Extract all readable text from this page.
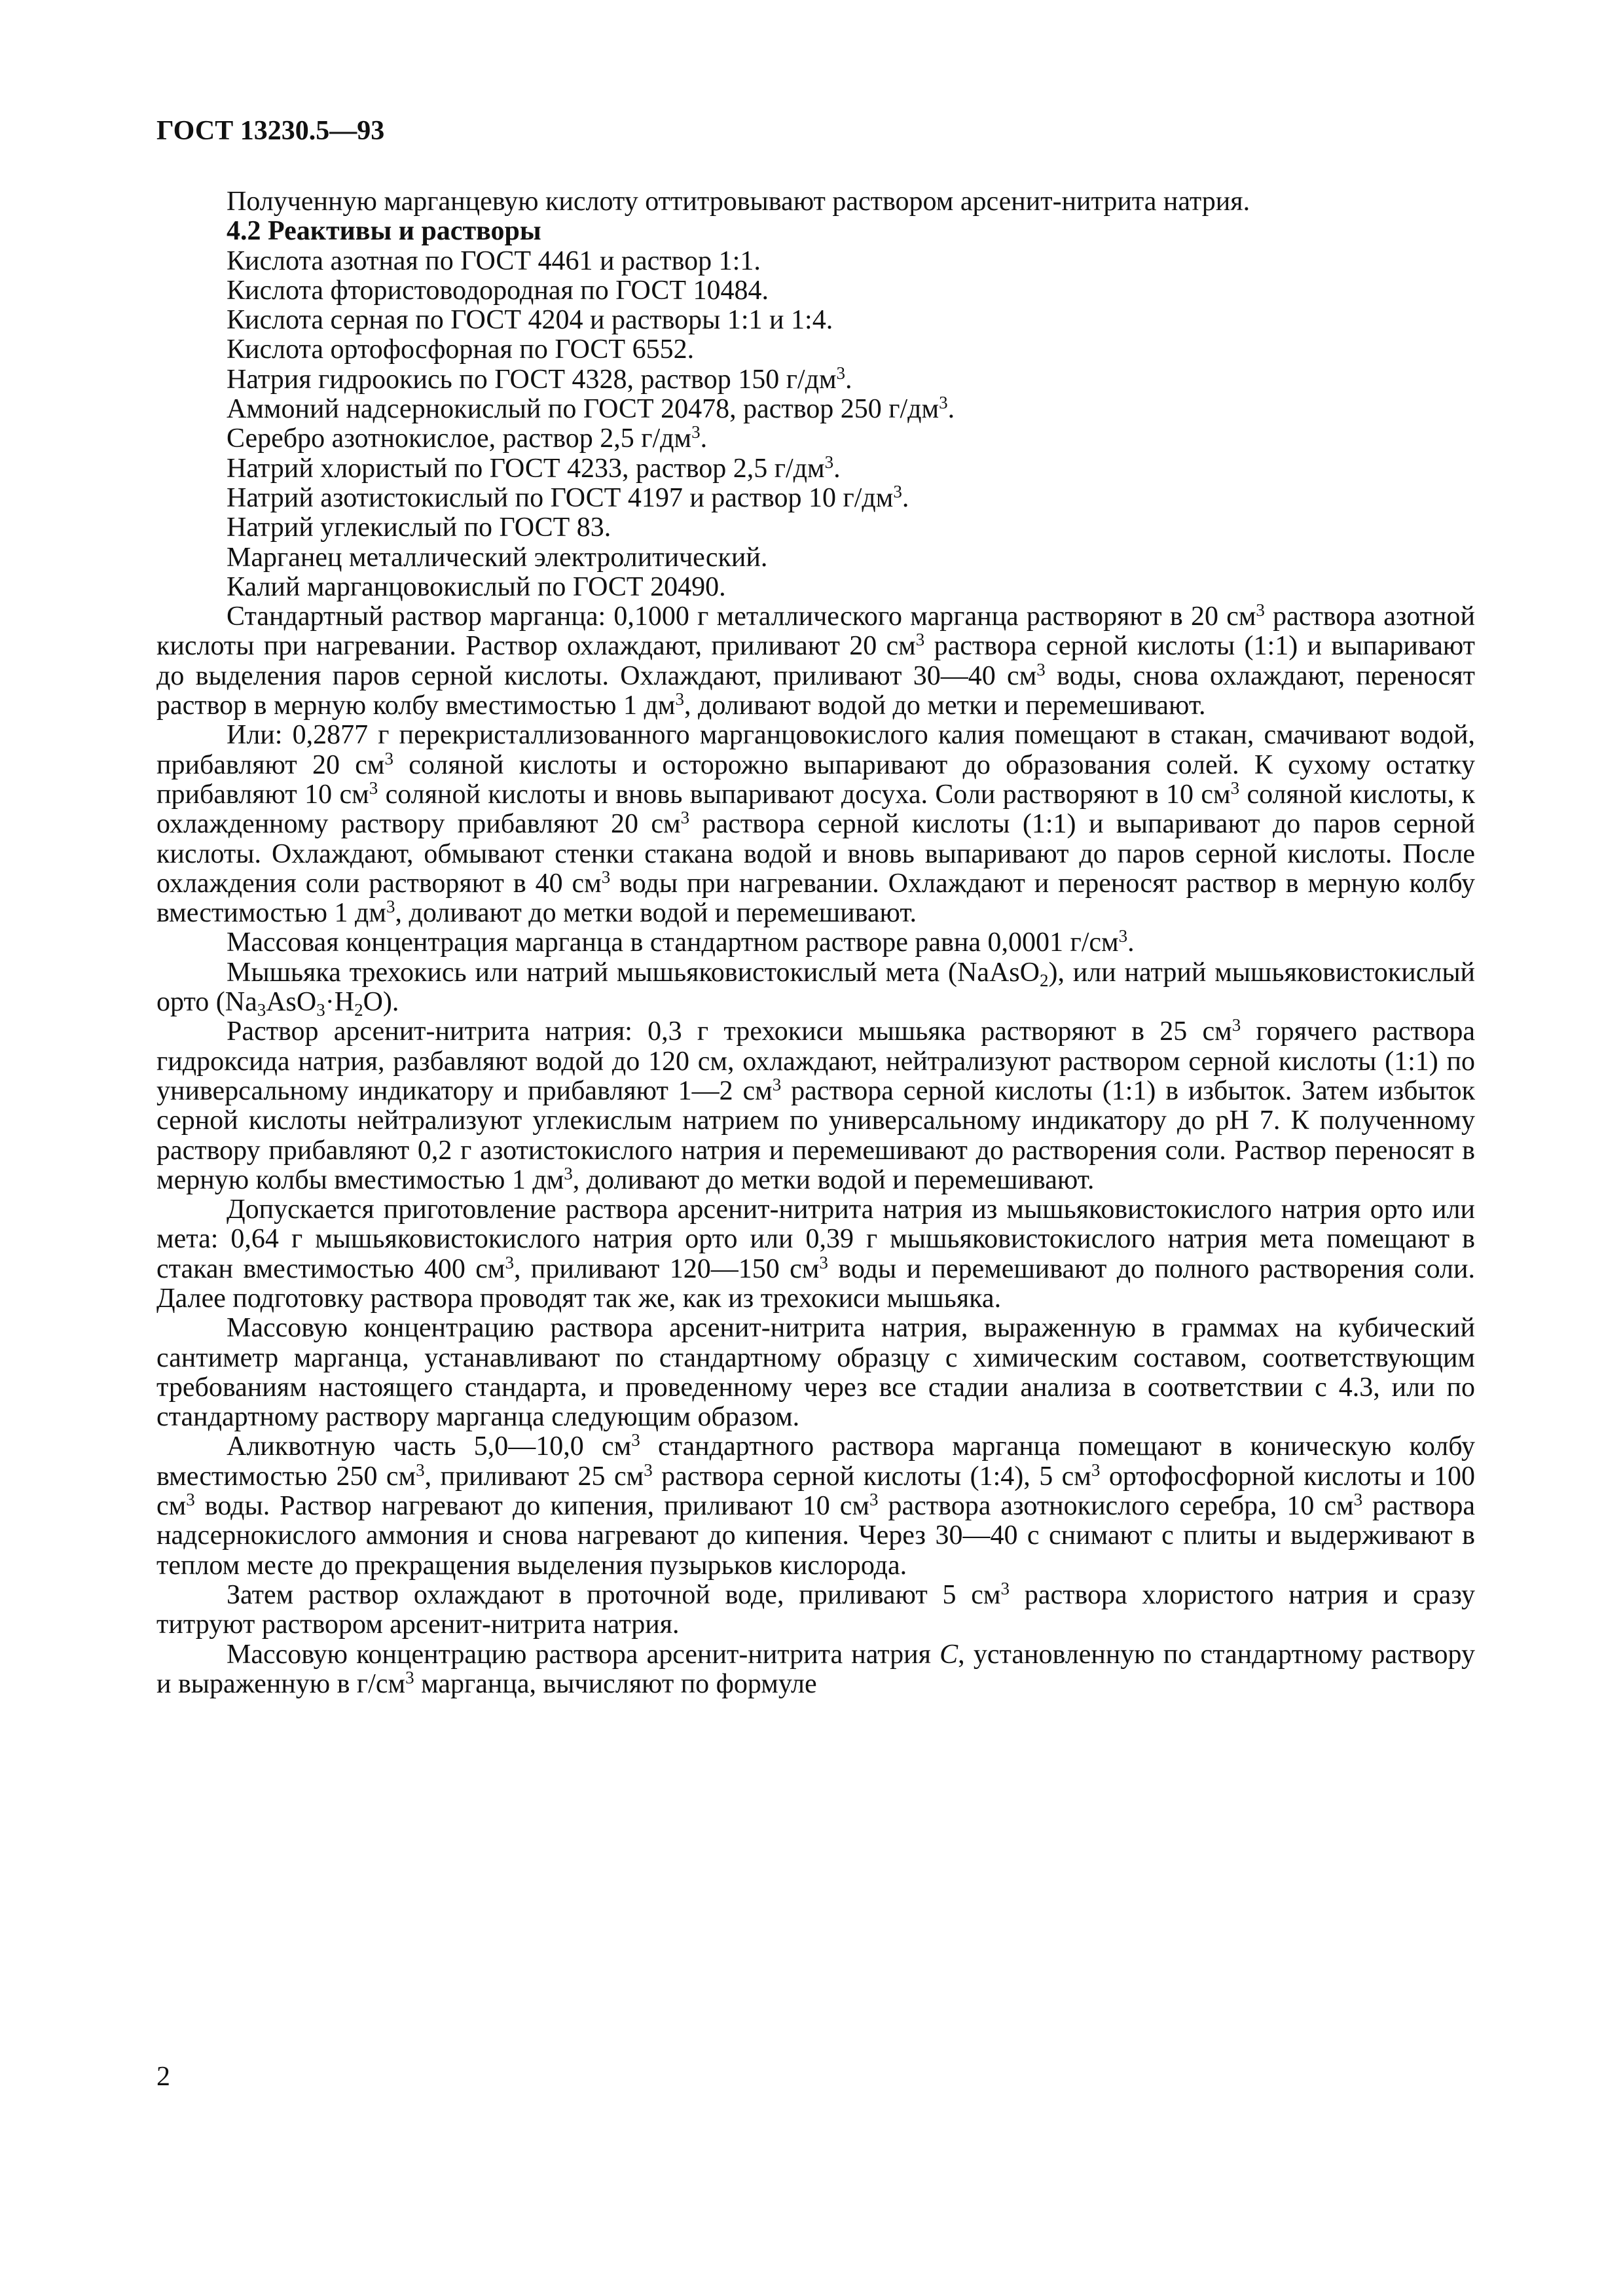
ГОСТ 13230.5—93

Полученную марганцевую кислоту оттитровывают раствором арсенит-нитрита натрия.

4.2 Реактивы и растворы

Кислота азотная по ГОСТ 4461 и раствор 1:1.

Кислота фтористоводородная по ГОСТ 10484.

Кислота серная по ГОСТ 4204 и растворы 1:1 и 1:4.

Кислота ортофосфорная по ГОСТ 6552.

Натрия гидроокись по ГОСТ 4328, раствор 150 $г/дм^3$.

Аммоний надсернокислый по ГОСТ 20478, раствор 250 $г/дм^3$.

Серебро азотнокислое, раствор 2,5 $г/дм^3$.

Натрий хлористый по ГОСТ 4233, раствор 2,5 $г/дм^3$.

Натрий азотистокислый по ГОСТ 4197 и раствор 10 $г/дм^3$.

Натрий углекислый по ГОСТ 83.

Марганец металлический электролитический.

Калий марганцовокислый по ГОСТ 20490.

Стандартный раствор марганца: 0,1000 г металлического марганца растворяют в 20 $см^3$ раствора азотной кислоты при нагревании. Раствор охлаждают, приливают 20 $см^3$ раствора серной кислоты (1:1) и выпаривают до выделения паров серной кислоты. Охлаждают, приливают 30—40 $см^3$ воды, снова охлаждают, переносят раствор в мерную колбу вместимостью 1 $дм^3$, доливают водой до метки и перемешивают.

Или: 0,2877 г перекристаллизованного марганцовокислого калия помещают в стакан, смачивают водой, прибавляют 20 $см^3$ соляной кислоты и осторожно выпаривают до образования солей. К сухому остатку прибавляют 10 $см^3$ соляной кислоты и вновь выпаривают досуха. Соли растворяют в 10 $см^3$ соляной кислоты, к охлажденному раствору прибавляют 20 $см^3$ раствора серной кислоты (1:1) и выпаривают до паров серной кислоты. Охлаждают, обмывают стенки стакана водой и вновь выпаривают до паров серной кислоты. После охлаждения соли растворяют в 40 $см^3$ воды при нагревании. Охлаждают и переносят раствор в мерную колбу вместимостью 1 $дм^3$, доливают до метки водой и перемешивают.

Массовая концентрация марганца в стандартном растворе равна 0,0001 $г/см^3$.

Мышьяка трехокись или натрий мышьяковистокислый мета (NaAsO$_2$), или натрий мышьяковистокислый орто $(Na_3AsO_3\cdot H_2O)$.

Раствор арсенит-нитрита натрия: 0,3 г трехокиси мышьяка растворяют в 25 $см^3$ горячего раствора гидроксида натрия, разбавляют водой до 120 см, охлаждают, нейтрализуют раствором серной кислоты (1:1) по универсальному индикатору и прибавляют 1—2 $см^3$ раствора серной кислоты (1:1) в избыток. Затем избыток серной кислоты нейтрализуют углекислым натрием по универсальному индикатору до pH 7. К полученному раствору прибавляют 0,2 г азотистокислого натрия и перемешивают до растворения соли. Раствор переносят в мерную колбы вместимостью 1 $дм^3$, доливают до метки водой и перемешивают.

Допускается приготовление раствора арсенит-нитрита натрия из мышьяковистокислого натрия орто или мета: 0,64 г мышьяковистокислого натрия орто или 0,39 г мышьяковистокислого натрия мета помещают в стакан вместимостью 400 $см^3$, приливают 120—150 $см^3$ воды и перемешивают до полного растворения соли. Далее подготовку раствора проводят так же, как из трехокиси мышьяка.

Массовую концентрацию раствора арсенит-нитрита натрия, выраженную в граммах на кубический сантиметр марганца, устанавливают по стандартному образцу с химическим составом, соответствующим требованиям настоящего стандарта, и проведенному через все стадии анализа в соответствии с 4.3, или по стандартному раствору марганца следующим образом.

Аликвотную часть 5,0—10,0 $см^3$ стандартного раствора марганца помещают в коническую колбу вместимостью 250 $см^3$, приливают 25 $см^3$ раствора серной кислоты (1:4), 5 $см^3$ ортофосфорной кислоты и 100 $см^3$ воды. Раствор нагревают до кипения, приливают 10 $см^3$ раствора азотнокислого серебра, 10 $см^3$ раствора надсернокислого аммония и снова нагревают до кипения. Через 30—40 с снимают с плиты и выдерживают в теплом месте до прекращения выделения пузырьков кислорода.

Затем раствор охлаждают в проточной воде, приливают 5 $см^3$ раствора хлористого натрия и сразу титруют раствором арсенит-нитрита натрия.

Массовую концентрацию раствора арсенит-нитрита натрия С, установленную по стандартному раствору и выраженную в $г/см^3$ марганца, вычисляют по формуле

2
